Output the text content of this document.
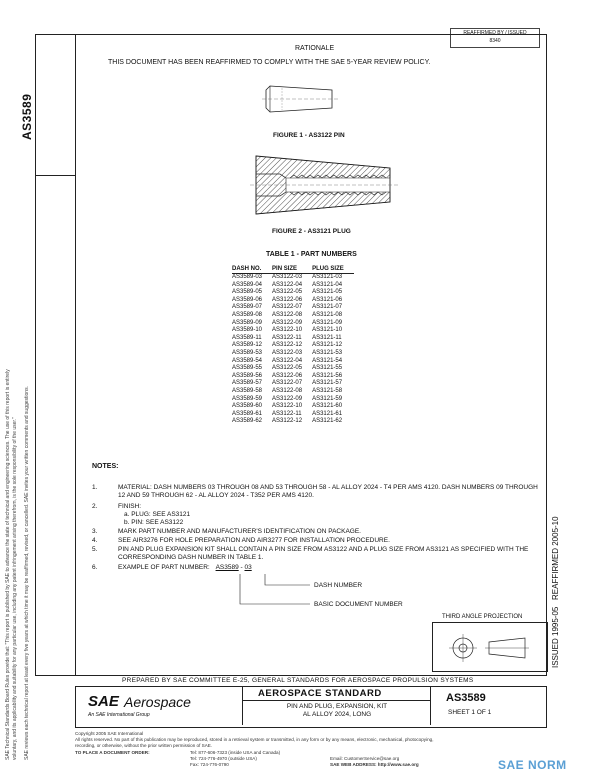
REAFFIRMED BY / ISSUED
8340
AS3589
SAE Technical Standards Board Rules provide that: "This report is published by SAE to advance the state of technical and engineering sciences. The use of this report is entirely voluntary, and its applicability and suitability for any particular use, including any patent infringement arising therefrom, is the sole responsibility of the user." SAE reviews each technical report at least every five years at which time it may be reaffirmed, revised, or cancelled. SAE invites your written comments and suggestions.
RATIONALE
THIS DOCUMENT HAS BEEN REAFFIRMED TO COMPLY WITH THE SAE 5-YEAR REVIEW POLICY.
FIGURE 1 - AS3122 PIN
FIGURE 2 - AS3121 PLUG
TABLE 1 - PART NUMBERS
DASH NO.	PIN SIZE	PLUG SIZE
AS3589-03	AS3122-03	AS3121-03
AS3589-04	AS3122-04	AS3121-04
AS3589-05	AS3122-05	AS3121-05
AS3589-06	AS3122-06	AS3121-06
AS3589-07	AS3122-07	AS3121-07
AS3589-08	AS3122-08	AS3121-08
AS3589-09	AS3122-09	AS3121-09
AS3589-10	AS3122-10	AS3121-10
AS3589-11	AS3122-11	AS3121-11
AS3589-12	AS3122-12	AS3121-12
AS3589-53	AS3122-03	AS3121-53
AS3589-54	AS3122-04	AS3121-54
AS3589-55	AS3122-05	AS3121-55
AS3589-56	AS3122-06	AS3121-56
AS3589-57	AS3122-07	AS3121-57
AS3589-58	AS3122-08	AS3121-58
AS3589-59	AS3122-09	AS3121-59
AS3589-60	AS3122-10	AS3121-60
AS3589-61	AS3122-11	AS3121-61
AS3589-62	AS3122-12	AS3121-62
NOTES:
1.	MATERIAL: DASH NUMBERS 03 THROUGH 08 AND 53 THROUGH 58 - AL ALLOY 2024 - T4 PER AMS 4120. DASH NUMBERS 09 THROUGH 12 AND 59 THROUGH 62 - AL ALLOY 2024 - T352 PER AMS 4120.
2.	FINISH:
a. PLUG: SEE AS3121
b. PIN: SEE AS3122
3.	MARK PART NUMBER AND MANUFACTURER'S IDENTIFICATION ON PACKAGE.
4.	SEE AIR3276 FOR HOLE PREPARATION AND AIR3277 FOR INSTALLATION PROCEDURE.
5.	PIN AND PLUG EXPANSION KIT SHALL CONTAIN A PIN SIZE FROM AS3122 AND A PLUG SIZE FROM AS3121 AS SPECIFIED WITH THE CORRESPONDING DASH NUMBER IN TABLE 1.
6.	EXAMPLE OF PART NUMBER: AS3589 - 03
DASH NUMBER
BASIC DOCUMENT NUMBER
REAFFIRMED 2005-10
ISSUED 1995-05
THIRD ANGLE PROJECTION
PREPARED BY SAE COMMITTEE E-25, GENERAL STANDARDS FOR AEROSPACE PROPULSION SYSTEMS
SAE Aerospace
An SAE International Group
AEROSPACE STANDARD
PIN AND PLUG, EXPANSION, KIT
AL ALLOY 2024, LONG
AS3589
SHEET 1 OF 1
Copyright 2005 SAE International
All rights reserved. No part of this publication may be reproduced, stored in a retrieval system or transmitted, in any form or by any means, electronic, mechanical, photocopying,
recording, or otherwise, without the prior written permission of SAE.
TO PLACE A DOCUMENT ORDER:	Tel: 877-606-7323 (inside USA and Canada)
Tel: 724-776-4970 (outside USA)
Fax: 724-776-0790
Email: CustomerService@sae.org
SAE WEB ADDRESS: http://www.sae.org	SAE NORM
